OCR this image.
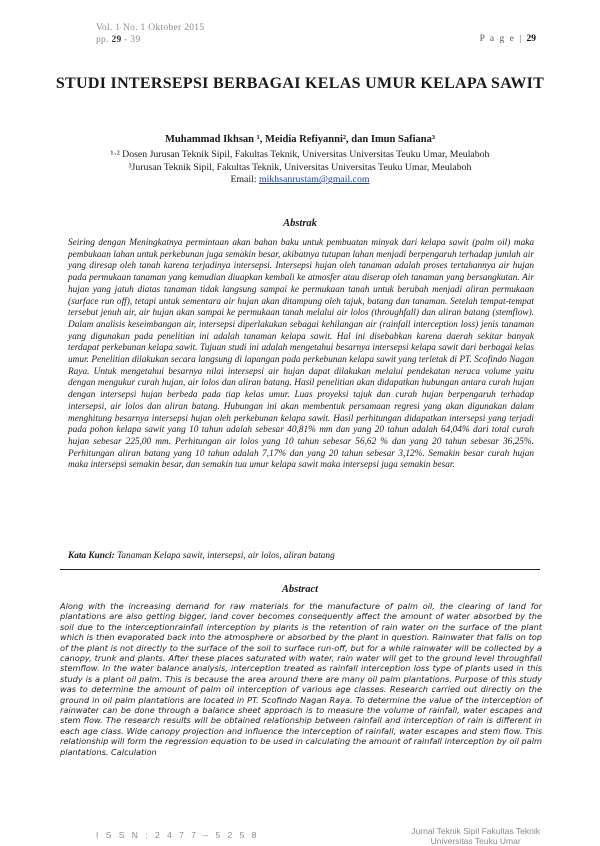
Vol. 1 No. 1 Oktober 2015
pp. 29 - 39	P a g e | 29
STUDI INTERSEPSI BERBAGAI KELAS UMUR KELAPA SAWIT
Muhammad Ikhsan ¹, Meidia Refiyanni², dan Imun Safiana³
¹·² Dosen Jurusan Teknik Sipil, Fakultas Teknik, Universitas Universitas Teuku Umar, Meulaboh
³Jurusan Teknik Sipil, Fakultas Teknik, Universitas Universitas Teuku Umar, Meulaboh
Email: mikhsanrustam@gmail.com
Abstrak
Seiring dengan Meningkatnya permintaan akan bahan baku untuk pembuatan minyak dari kelapa sawit (palm oil) maka pembukaan lahan untuk perkebunan juga semakin besar, akibatnya tutupan lahan menjadi berpengaruh terhadap jumlah air yang diresap oleh tanah karena terjadinya intersepsi. Intersepsi hujan oleh tanaman adalah proses tertahannya air hujan pada permukaan tanaman yang kemudian diuapkan kembali ke atmosfer atau diserap oleh tanaman yang bersangkutan. Air hujan yang jatuh diatas tanaman tidak langsung sampai ke permukaan tanah untuk berubah menjadi aliran permukaan (surface run off), tetapi untuk sementara air hujan akan ditampung oleh tajuk, batang dan tanaman. Setelah tempat-tempat tersebut jenuh air, air hujan akan sampai ke permukaan tanah melalui air lolos (throughfall) dan aliran batang (stemflow). Dalam analisis keseimbangan air, intersepsi diperlakukan sebagai kehilangan air (rainfall interception loss) jenis tanaman yang digunakan pada penelitian ini adalah tanaman kelapa sawit. Hal ini disebabkan karena daerah sekitar banyak terdapat perkebunan kelapa sawit. Tujuan studi ini adalah mengetahui besarnya intersepsi kelapa sawit dari berbagai kelas umur. Penelitian dilakukan secara langsung di lapangan pada perkebunan kelapa sawit yang terletak di PT. Scofindo Nagan Raya. Untuk mengetahui besarnya nilai intersepsi air hujan dapat dilakukan melalui pendekatan neraca volume yaitu dengan mengukur curah hujan, air lolos dan aliran batang. Hasil penelitian akan didapatkan hubungan antara curah hujan dengan intersepsi hujan berbeda pada tiap kelas umur. Luas proyeksi tajuk dan curah hujan berpengaruh terhadap intersepsi, air lolos dan aliran batang. Hubungan ini akan membentuk persamaan regresi yang akan digunakan dalam menghitung besarnya intersepsi hujan oleh perkebunan kelapa sawit. Hasil perhitungan didapatkan intersepsi yang terjadi pada pohon kelapa sawit yang 10 tahun adalah sebesar 40,81% mm dan yang 20 tahun adalah 64,04% dari total curah hujan sebesar 225,00 mm. Perhitungan air lolos yang 10 tahun sebesar 56,62 % dan yang 20 tahun sebesar 36,25%. Perhitungan aliran batang yang 10 tahun adalah 7,17% dan yang 20 tahun sebesar 3,12%. Semakin besar curah hujan maka intersepsi semakin besar, dan semakin tua umur kelapa sawit maka intersepsi juga semakin besar.
Kata Kunci: Tanaman Kelapa sawit, intersepsi, air lolos, aliran batang
Abstract
Along with the increasing demand for raw materials for the manufacture of palm oil, the clearing of land for plantations are also getting bigger, land cover becomes consequently affect the amount of water absorbed by the soil due to the interceptionrainfall interception by plants is the retention of rain water on the surface of the plant which is then evaporated back into the atmosphere or absorbed by the plant in question. Rainwater that falls on top of the plant is not directly to the surface of the soil to surface run-off, but for a while rainwater will be collected by a canopy, trunk and plants. After these places saturated with water, rain water will get to the ground level throughfall stemflow. In the water balance analysis, interception treated as rainfall interception loss type of plants used in this study is a plant oil palm. This is because the area around there are many oil palm plantations. Purpose of this study was to determine the amount of palm oil interception of various age classes. Research carried out directly on the ground in oil palm plantations are located in PT. Scofindo Nagan Raya. To determine the value of the interception of rainwater can be done through a balance sheet approach is to measure the volume of rainfall, water escapes and stem flow. The research results will be obtained relationship between rainfall and interception of rain is different in each age class. Wide canopy projection and influence the interception of rainfall, water escapes and stem flow. This relationship will form the regression equation to be used in calculating the amount of rainfall interception by oil palm plantations. Calculation
I S S N : 2 4 7 7 – 5 2 5 8	Jurnal Teknik Sipil Fakultas Teknik
Universitas Teuku Umar
